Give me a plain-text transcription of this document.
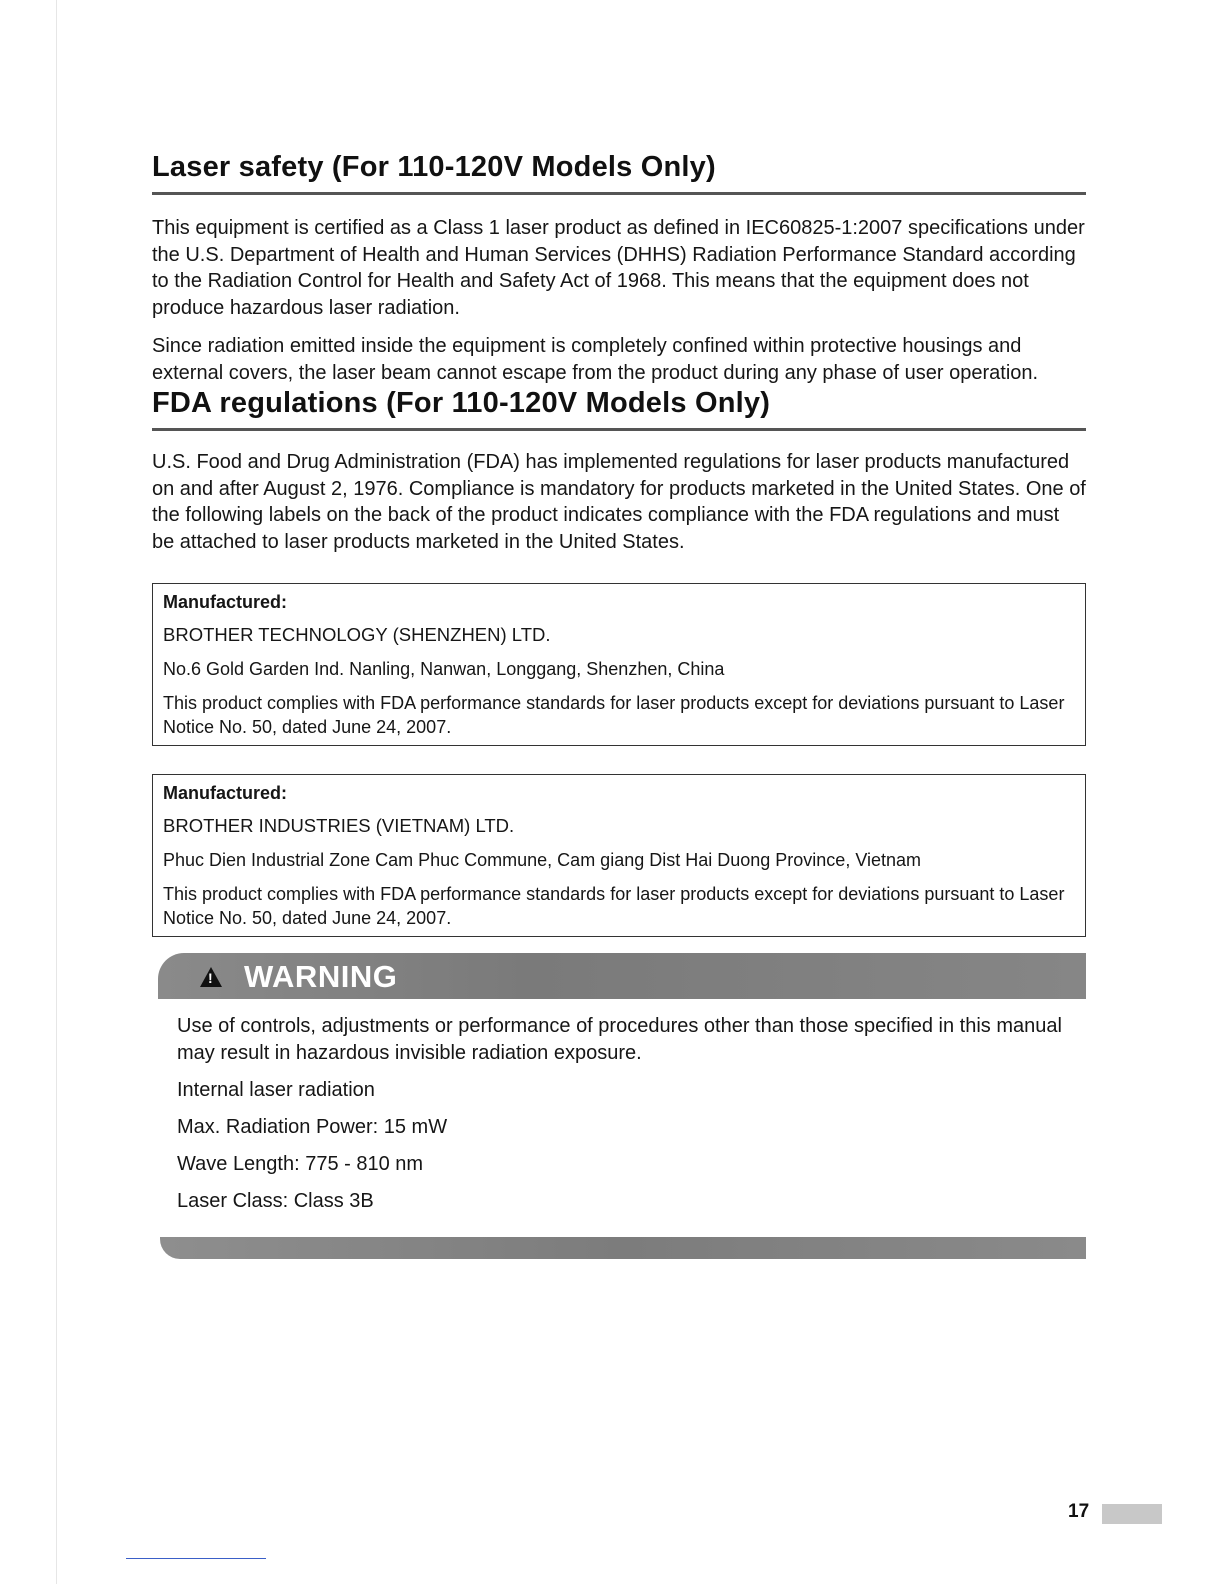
Laser safety (For 110-120V Models Only)

This equipment is certified as a Class 1 laser product as defined in IEC60825-1:2007 specifications under the U.S. Department of Health and Human Services (DHHS) Radiation Performance Standard according to the Radiation Control for Health and Safety Act of 1968. This means that the equipment does not produce hazardous laser radiation.

Since radiation emitted inside the equipment is completely confined within protective housings and external covers, the laser beam cannot escape from the product during any phase of user operation.

FDA regulations (For 110-120V Models Only)

U.S. Food and Drug Administration (FDA) has implemented regulations for laser products manufactured on and after August 2, 1976. Compliance is mandatory for products marketed in the United States. One of the following labels on the back of the product indicates compliance with the FDA regulations and must be attached to laser products marketed in the United States.

Manufactured:
BROTHER TECHNOLOGY (SHENZHEN) LTD.
No.6 Gold Garden Ind. Nanling, Nanwan, Longgang, Shenzhen, China
This product complies with FDA performance standards for laser products except for deviations pursuant to Laser Notice No. 50, dated June 24, 2007.
Manufactured:
BROTHER INDUSTRIES (VIETNAM) LTD.
Phuc Dien Industrial Zone Cam Phuc Commune, Cam giang Dist Hai Duong Province, Vietnam
This product complies with FDA performance standards for laser products except for deviations pursuant to Laser Notice No. 50, dated June 24, 2007.
!
WARNING

Use of controls, adjustments or performance of procedures other than those specified in this manual may result in hazardous invisible radiation exposure.

Internal laser radiation

Max. Radiation Power: 15 mW

Wave Length: 775 - 810 nm

Laser Class: Class 3B

17
